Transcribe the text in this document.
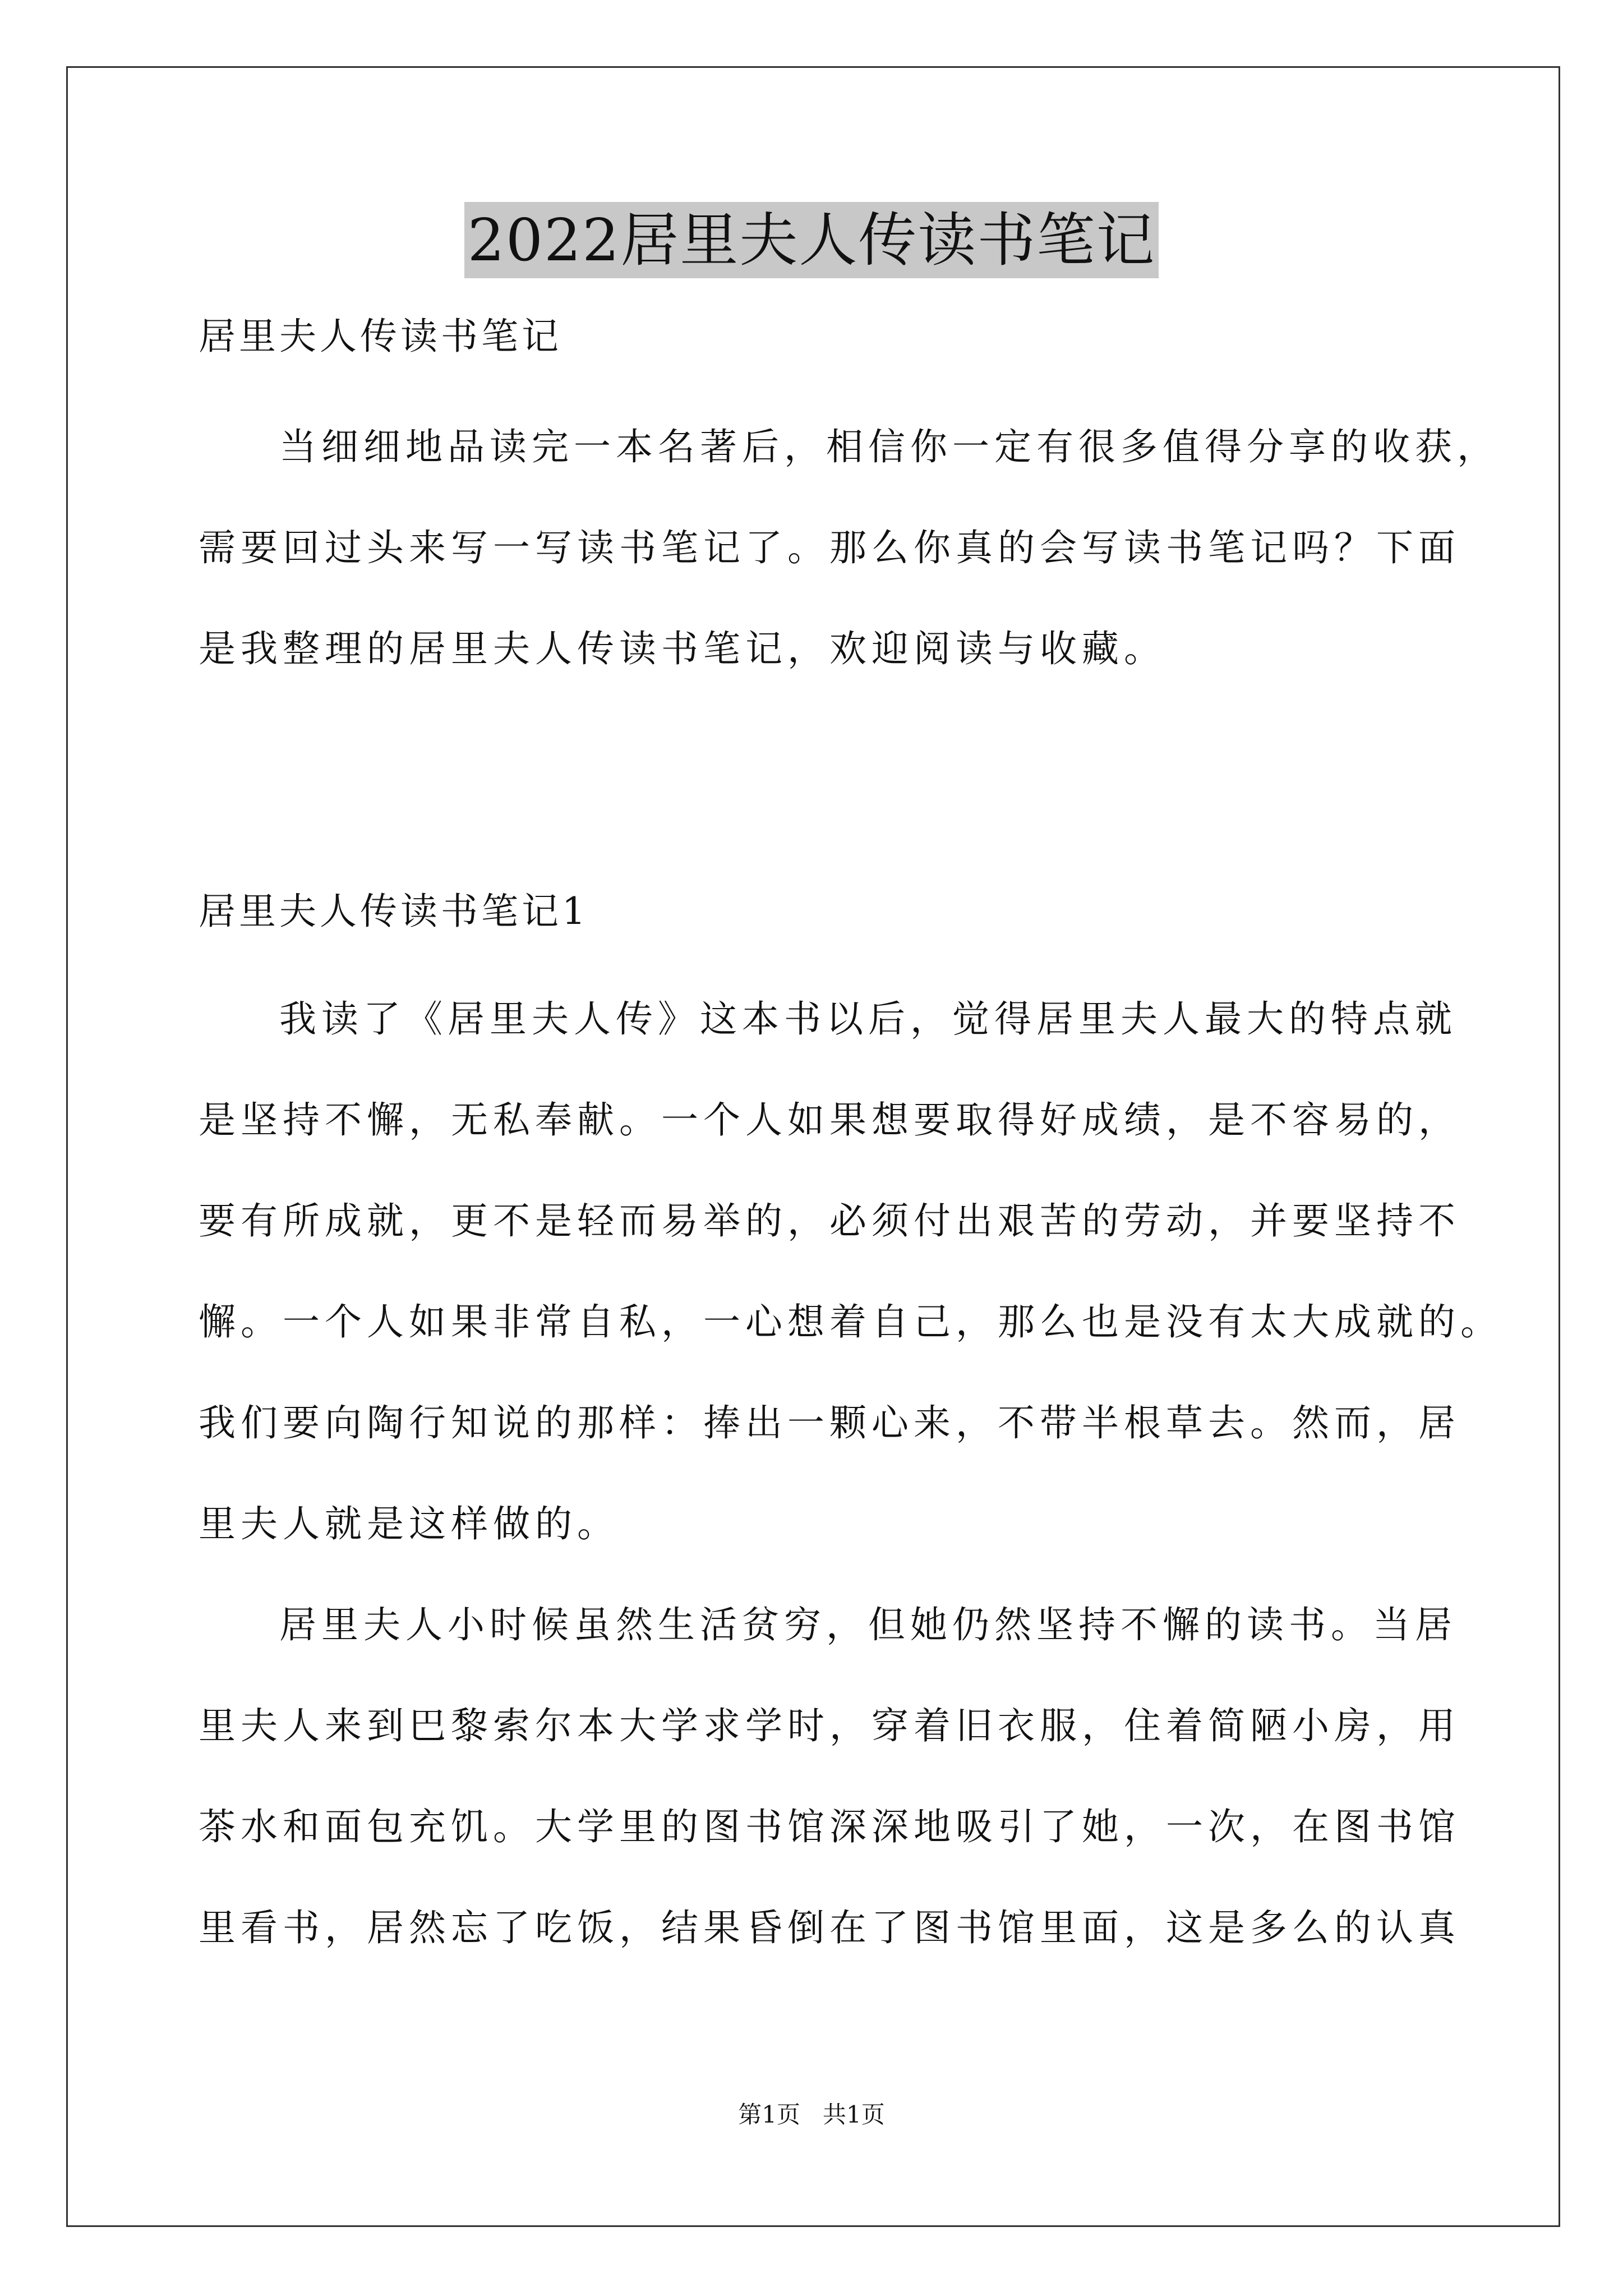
2022居里夫人传读书笔记
居里夫人传读书笔记
当细细地品读完一本名著后，相信你一定有很多值得分享的收获，
需要回过头来写一写读书笔记了。那么你真的会写读书笔记吗？下面
是我整理的居里夫人传读书笔记，欢迎阅读与收藏。
居里夫人传读书笔记1
我读了《居里夫人传》这本书以后，觉得居里夫人最大的特点就
是坚持不懈，无私奉献。一个人如果想要取得好成绩，是不容易的，
要有所成就，更不是轻而易举的，必须付出艰苦的劳动，并要坚持不
懈。一个人如果非常自私，一心想着自己，那么也是没有太大成就的。
我们要向陶行知说的那样：捧出一颗心来，不带半根草去。然而，居
里夫人就是这样做的。
居里夫人小时候虽然生活贫穷，但她仍然坚持不懈的读书。当居
里夫人来到巴黎索尔本大学求学时，穿着旧衣服，住着简陋小房，用
茶水和面包充饥。大学里的图书馆深深地吸引了她，一次，在图书馆
里看书，居然忘了吃饭，结果昏倒在了图书馆里面，这是多么的认真
第1页   共1页
